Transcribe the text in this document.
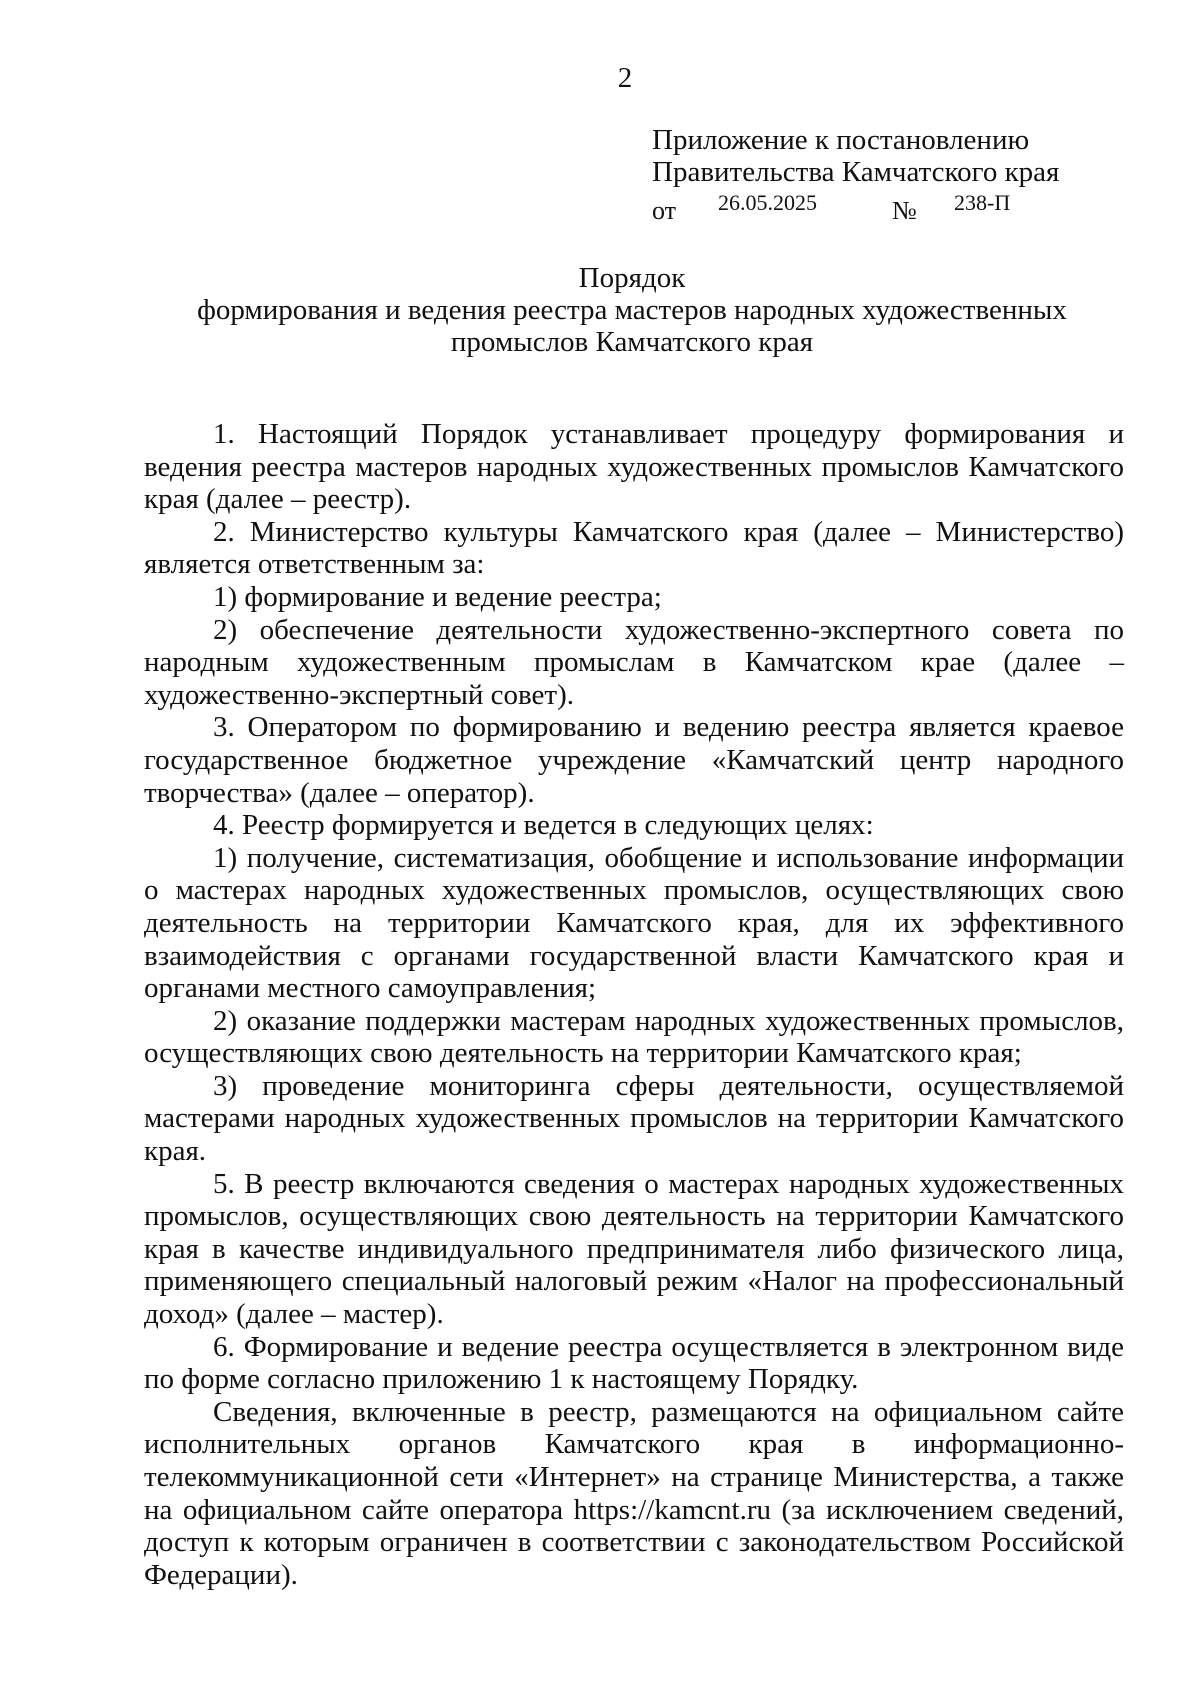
2
Приложение к постановлению
Правительства Камчатского края
от 26.05.2025	№ 238-П
Порядок
формирования и ведения реестра мастеров народных художественных
промыслов Камчатского края

1. Настоящий Порядок устанавливает процедуру формирования и ведения реестра мастеров народных художественных промыслов Камчатского края (далее – реестр).

2. Министерство культуры Камчатского края (далее – Министерство) является ответственным за:

1) формирование и ведение реестра;

2) обеспечение деятельности художественно-экспертного совета по народным художественным промыслам в Камчатском крае (далее – художественно-экспертный совет).

3. Оператором по формированию и ведению реестра является краевое государственное бюджетное учреждение «Камчатский центр народного творчества» (далее – оператор).

4. Реестр формируется и ведется в следующих целях:

1) получение, систематизация, обобщение и использование информации о мастерах народных художественных промыслов, осуществляющих свою деятельность на территории Камчатского края, для их эффективного взаимодействия с органами государственной власти Камчатского края и органами местного самоуправления;

2) оказание поддержки мастерам народных художественных промыслов, осуществляющих свою деятельность на территории Камчатского края;

3) проведение мониторинга сферы деятельности, осуществляемой мастерами народных художественных промыслов на территории Камчатского края.

5. В реестр включаются сведения о мастерах народных художественных промыслов, осуществляющих свою деятельность на территории Камчатского края в качестве индивидуального предпринимателя либо физического лица, применяющего специальный налоговый режим «Налог на профессиональный доход» (далее – мастер).

6. Формирование и ведение реестра осуществляется в электронном виде по форме согласно приложению 1 к настоящему Порядку.

Сведения, включенные в реестр, размещаются на официальном сайте исполнительных органов Камчатского края в информационно-телекоммуникационной сети «Интернет» на странице Министерства, а также на официальном сайте оператора https://kamcnt.ru (за исключением сведений, доступ к которым ограничен в соответствии с законодательством Российской Федерации).
